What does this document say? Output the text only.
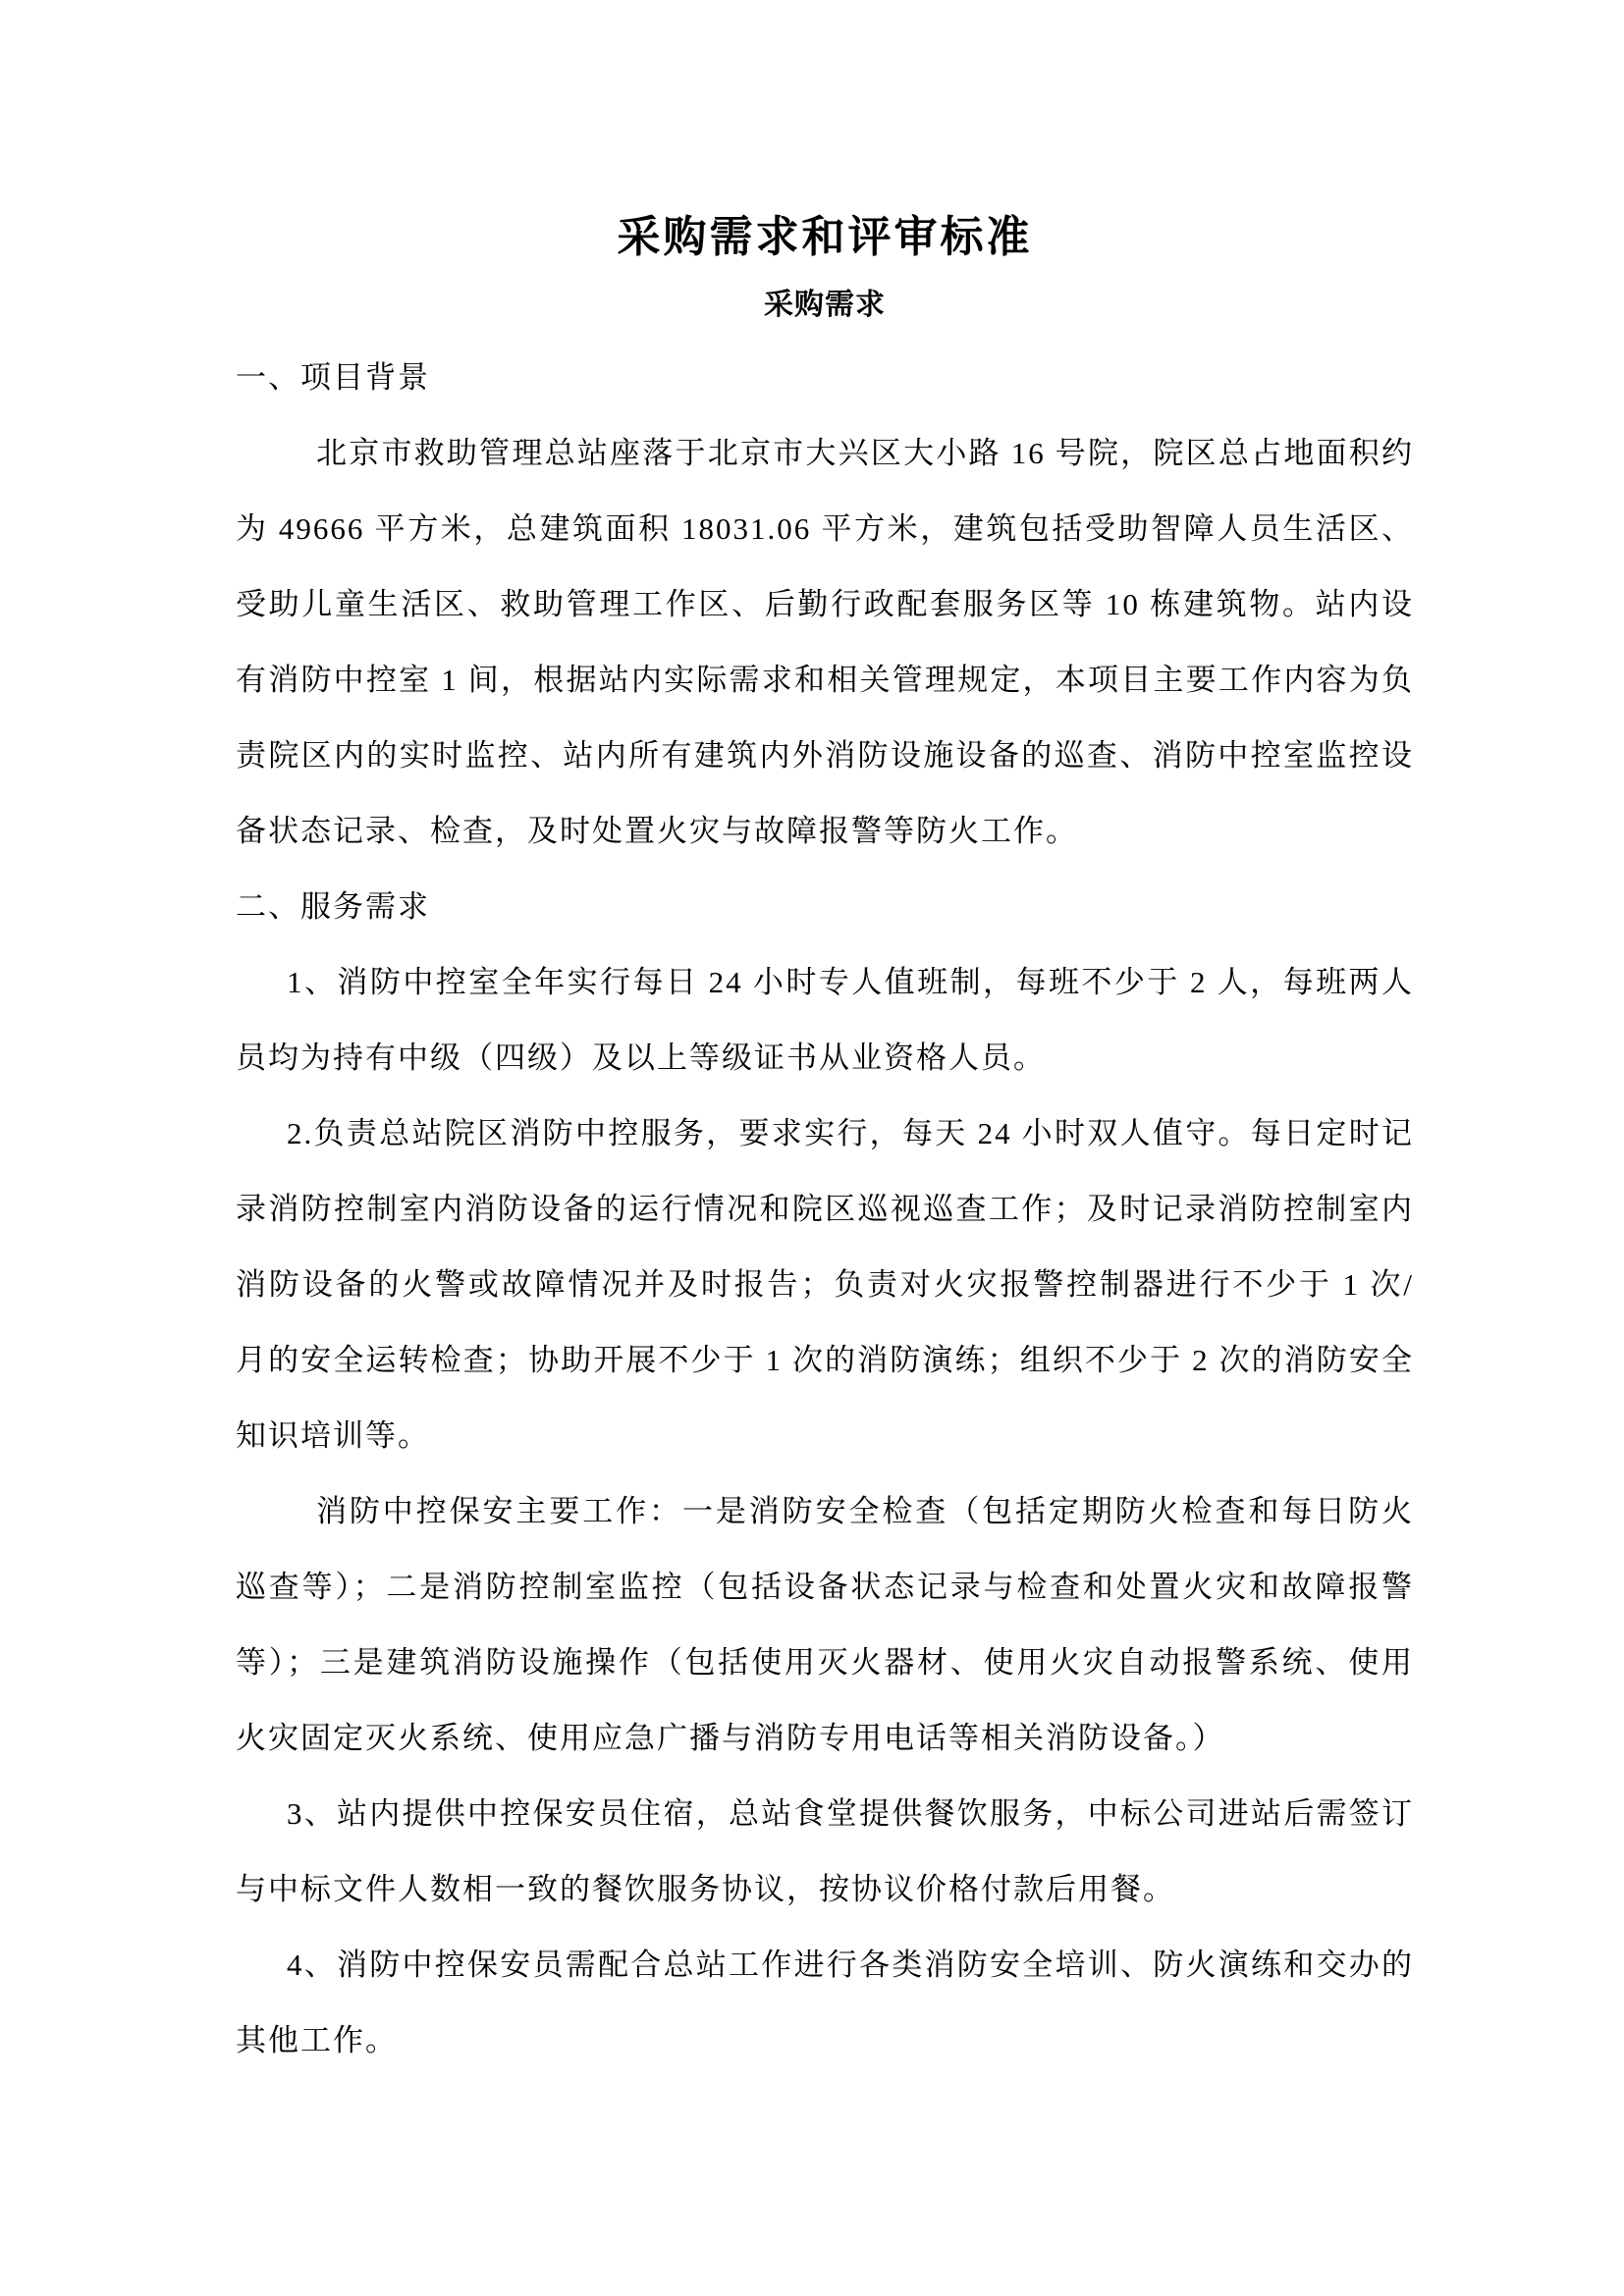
采购需求和评审标准
采购需求
一、项目背景

北京市救助管理总站座落于北京市大兴区大小路 16 号院，院区总占地面积约为 49666 平方米，总建筑面积 18031.06 平方米，建筑包括受助智障人员生活区、受助儿童生活区、救助管理工作区、后勤行政配套服务区等 10 栋建筑物。站内设有消防中控室 1 间，根据站内实际需求和相关管理规定，本项目主要工作内容为负责院区内的实时监控、站内所有建筑内外消防设施设备的巡查、消防中控室监控设备状态记录、检查，及时处置火灾与故障报警等防火工作。

二、服务需求

1、消防中控室全年实行每日 24 小时专人值班制，每班不少于 2 人，每班两人员均为持有中级（四级）及以上等级证书从业资格人员。

2.负责总站院区消防中控服务，要求实行，每天 24 小时双人值守。每日定时记录消防控制室内消防设备的运行情况和院区巡视巡查工作；及时记录消防控制室内消防设备的火警或故障情况并及时报告；负责对火灾报警控制器进行不少于 1 次/月的安全运转检查；协助开展不少于 1 次的消防演练；组织不少于 2 次的消防安全知识培训等。

消防中控保安主要工作：一是消防安全检查（包括定期防火检查和每日防火巡查等）；二是消防控制室监控（包括设备状态记录与检查和处置火灾和故障报警等）；三是建筑消防设施操作（包括使用灭火器材、使用火灾自动报警系统、使用火灾固定灭火系统、使用应急广播与消防专用电话等相关消防设备。）

3、站内提供中控保安员住宿，总站食堂提供餐饮服务，中标公司进站后需签订与中标文件人数相一致的餐饮服务协议，按协议价格付款后用餐。

4、消防中控保安员需配合总站工作进行各类消防安全培训、防火演练和交办的其他工作。
